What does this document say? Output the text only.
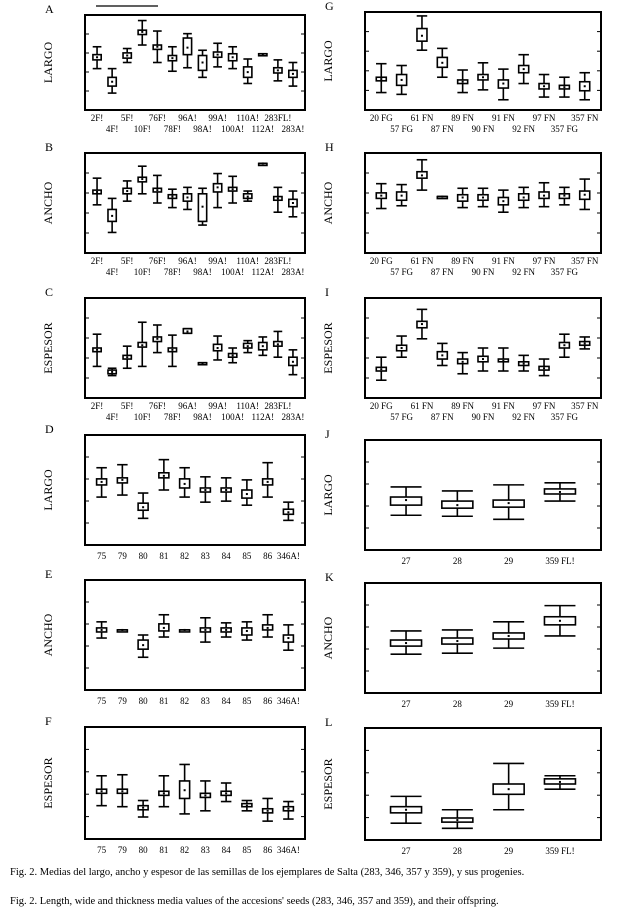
A
LARGO
2F!
4F!
5F!
10F!
76F!
78F!
96A!
98A!
99A!
100A!
110A!
112A!
283FL!
283A!
G
LARGO
20 FG
57 FG
61 FN
87 FN
89 FN
90 FN
91 FN
92 FN
97 FN
357 FG
357 FN
B
ANCHO
2F!
4F!
5F!
10F!
76F!
78F!
96A!
98A!
99A!
100A!
110A!
112A!
283FL!
283A!
H
ANCHO
20 FG
57 FG
61 FN
87 FN
89 FN
90 FN
91 FN
92 FN
97 FN
357 FG
357 FN
C
ESPESOR
2F!
4F!
5F!
10F!
76F!
78F!
96A!
98A!
99A!
100A!
110A!
112A!
283FL!
283A!
I
ESPESOR
20 FG
57 FG
61 FN
87 FN
89 FN
90 FN
91 FN
92 FN
97 FN
357 FG
357 FN
D
LARGO
75 79 80 81 82 83 84 85 86 346A!
J
LARGO
27	28	29	359 FL!
E
ANCHO
75 79 80 81 82 83 84 85 86 346A!
K
ANCHO
27	28	29	359 FL!
F
ESPESOR
75 79 80 81 82 83 84 85 86 346A!
L
ESPESOR
27	28	29	359 FL!
Fig. 2. Medias del largo, ancho y espesor de las semillas de los ejemplares de Salta (283, 346, 357 y 359), y sus progenies.
Fig. 2. Length, wide and thickness media values of the accesions' seeds (283, 346, 357 and 359), and their offspring.
